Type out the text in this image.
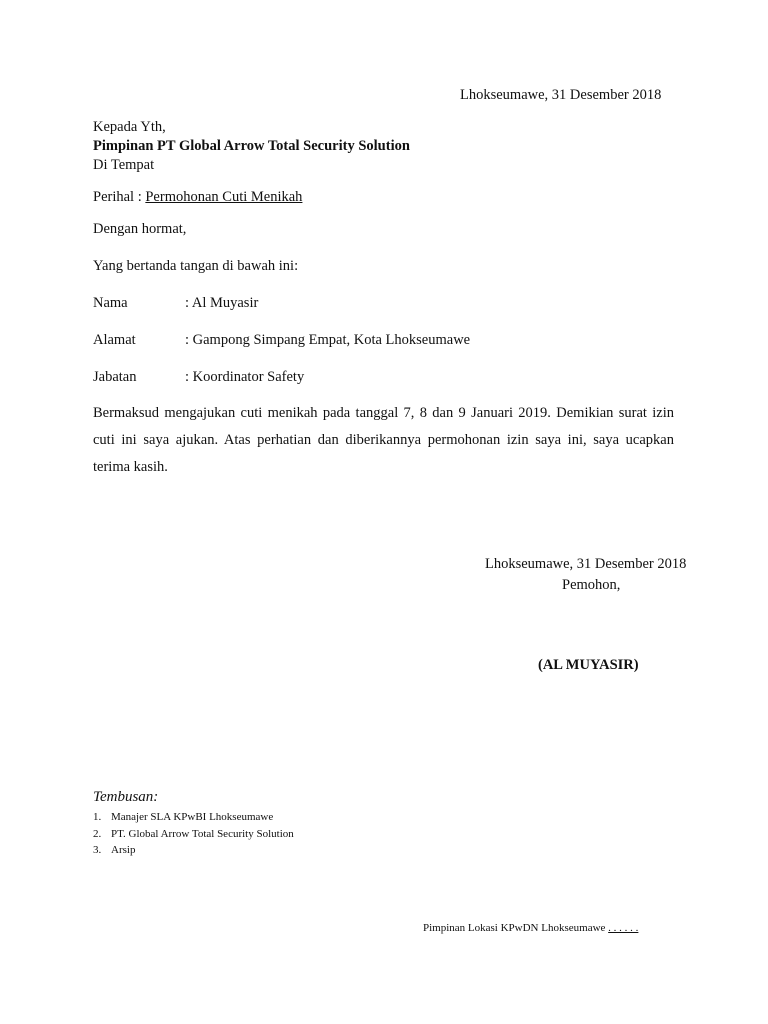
Lhokseumawe, 31 Desember 2018
Kepada Yth,
Pimpinan PT Global Arrow Total Security Solution
Di Tempat
Perihal : Permohonan Cuti Menikah
Dengan hormat,
Yang bertanda tangan di bawah ini:
Nama	: Al Muyasir
Alamat	: Gampong Simpang Empat, Kota Lhokseumawe
Jabatan	: Koordinator Safety
Bermaksud mengajukan cuti menikah pada tanggal 7, 8 dan 9 Januari 2019. Demikian surat izin cuti ini saya ajukan. Atas perhatian dan diberikannya permohonan izin saya ini, saya ucapkan terima kasih.
Lhokseumawe, 31 Desember 2018
Pemohon,
(AL MUYASIR)
Tembusan:
1. Manajer SLA KPwBI Lhokseumawe
2. PT. Global Arrow Total Security Solution
3. Arsip
Pimpinan Lokasi KPwDN Lhokseumawe . . . . . .
